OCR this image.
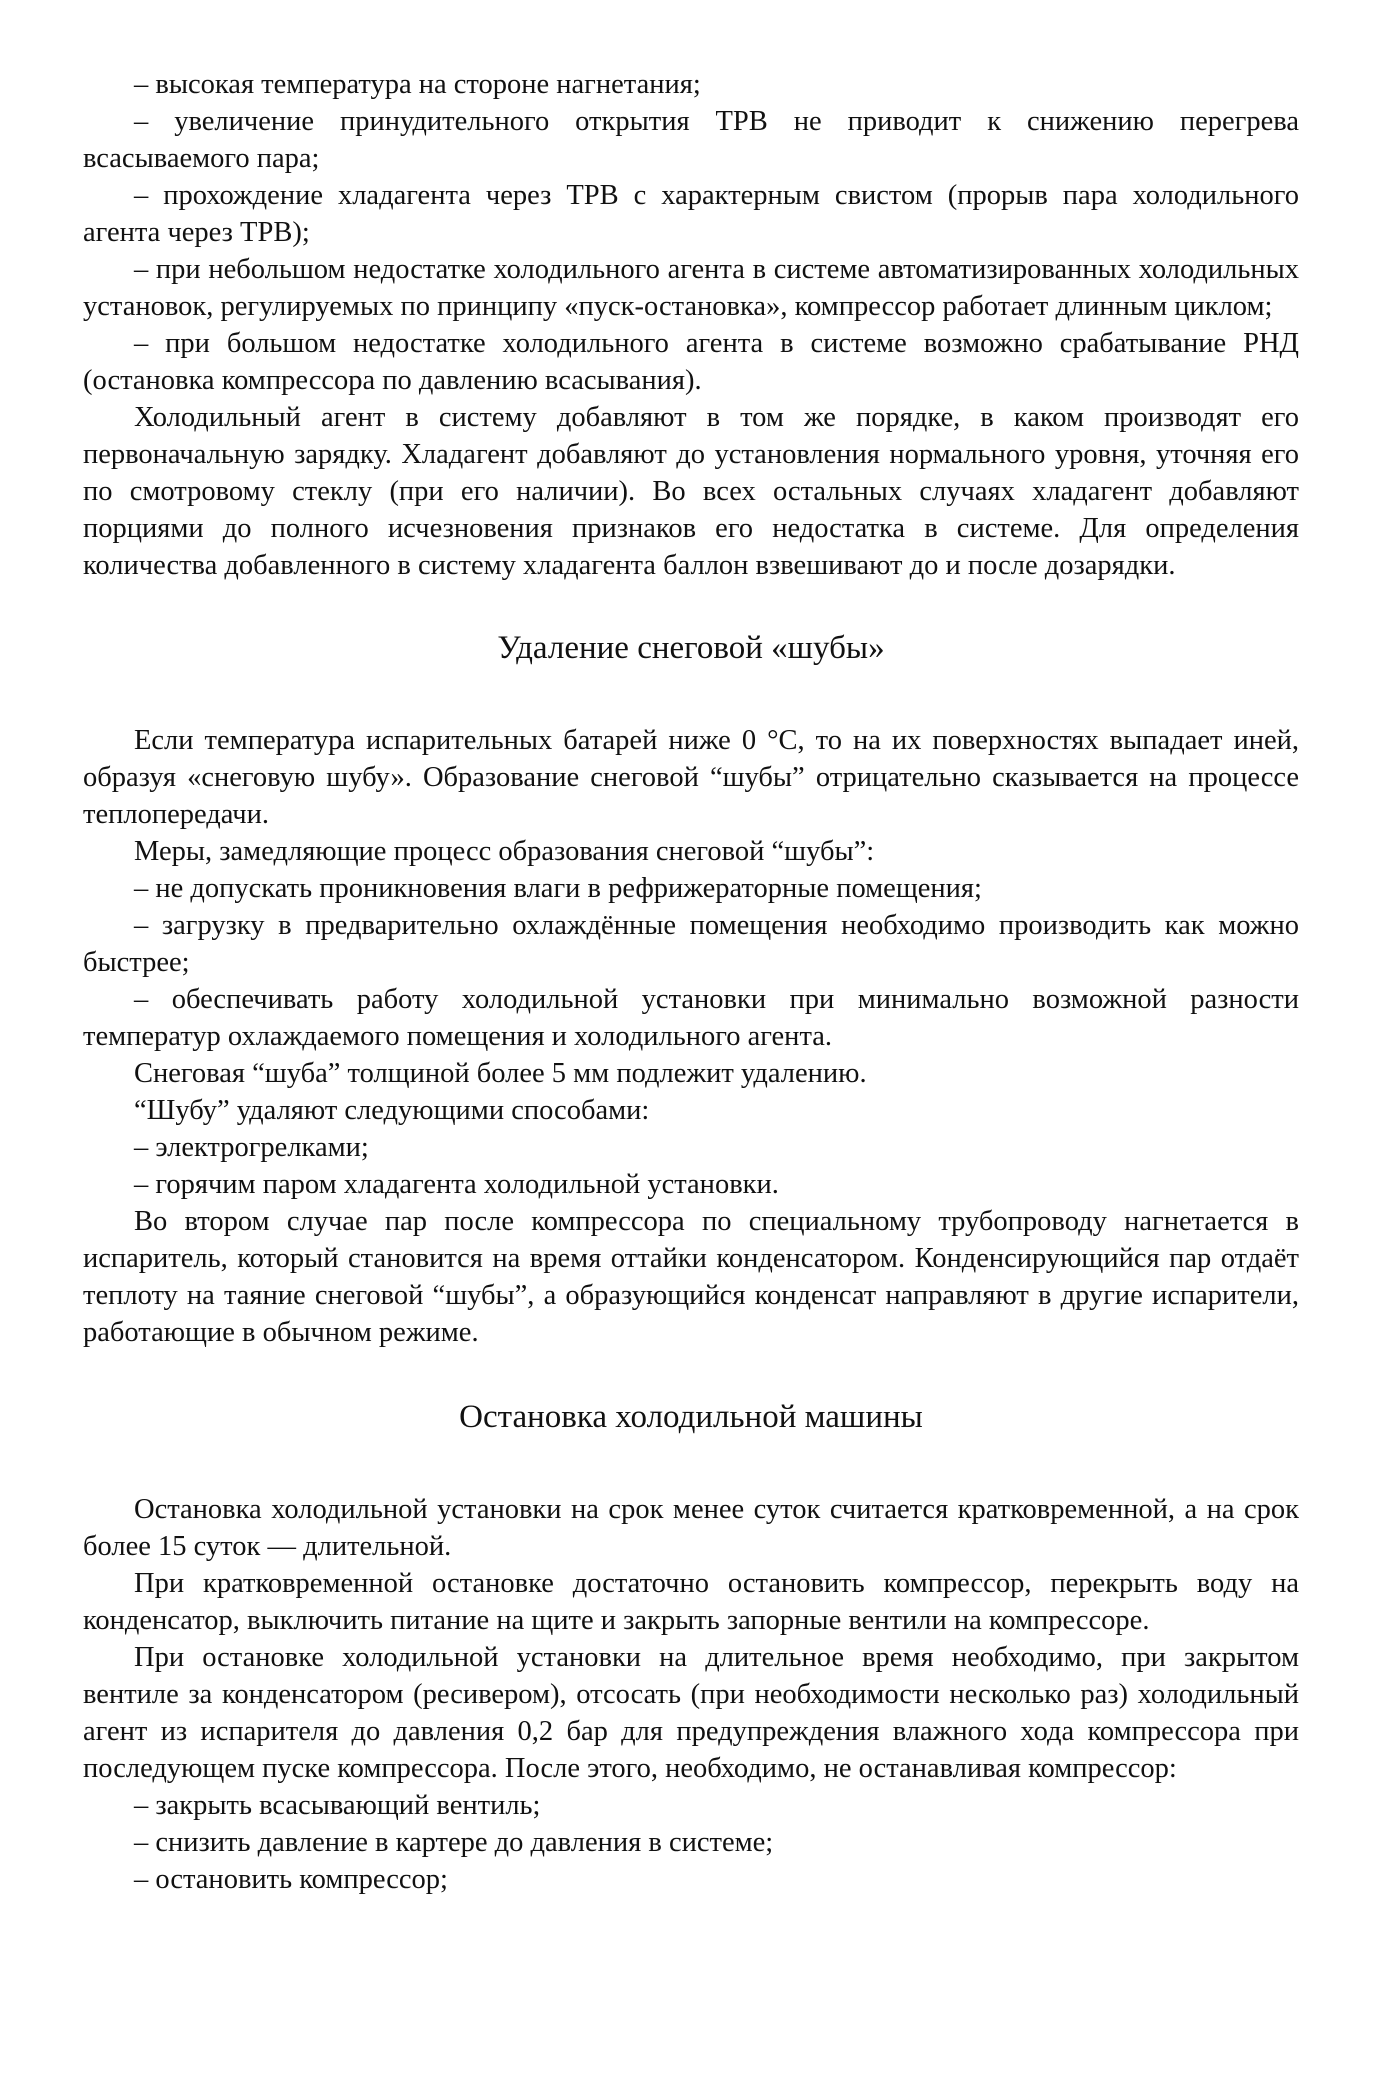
– высокая температура на стороне нагнетания;

– увеличение принудительного открытия ТРВ не приводит к снижению перегрева всасываемого пара;

– прохождение хладагента через ТРВ с характерным свистом (прорыв пара холодильного агента через ТРВ);

– при небольшом недостатке холодильного агента в системе автоматизированных холодильных установок, регулируемых по принципу «пуск-остановка», компрессор работает длинным циклом;

– при большом недостатке холодильного агента в системе возможно срабатывание РНД (остановка компрессора по давлению всасывания).

Холодильный агент в систему добавляют в том же порядке, в каком производят его первоначальную зарядку. Хладагент добавляют до установления нормального уровня, уточняя его по смотровому стеклу (при его наличии). Во всех остальных случаях хладагент добавляют порциями до полного исчезновения признаков его недостатка в системе. Для определения количества добавленного в систему хладагента баллон взвешивают до и после дозарядки.

Удаление снеговой «шубы»

Если температура испарительных батарей ниже 0 °С, то на их поверхностях выпадает иней, образуя «снеговую шубу». Образование снеговой “шубы” отрицательно сказывается на процессе теплопередачи.

Меры, замедляющие процесс образования снеговой “шубы”:

– не допускать проникновения влаги в рефрижераторные помещения;

– загрузку в предварительно охлаждённые помещения необходимо производить как можно быстрее;

– обеспечивать работу холодильной установки при минимально возможной разности температур охлаждаемого помещения и холодильного агента.

Снеговая “шуба” толщиной более 5 мм подлежит удалению.

“Шубу” удаляют следующими способами:

– электрогрелками;

– горячим паром хладагента холодильной установки.

Во втором случае пар после компрессора по специальному трубопроводу нагнетается в испаритель, который становится на время оттайки конденсатором. Конденсирующийся пар отдаёт теплоту на таяние снеговой “шубы”, а образующийся конденсат направляют в другие испарители, работающие в обычном режиме.

Остановка холодильной машины

Остановка холодильной установки на срок менее суток считается кратковременной, а на срок более 15 суток — длительной.

При кратковременной остановке достаточно остановить компрессор, перекрыть воду на конденсатор, выключить питание на щите и закрыть запорные вентили на компрессоре.

При остановке холодильной установки на длительное время необходимо, при закрытом вентиле за конденсатором (ресивером), отсосать (при необходимости несколько раз) холодильный агент из испарителя до давления 0,2 бар для предупреждения влажного хода компрессора при последующем пуске компрессора. После этого, необходимо, не останавливая компрессор:

– закрыть всасывающий вентиль;

– снизить давление в картере до давления в системе;

– остановить компрессор;
